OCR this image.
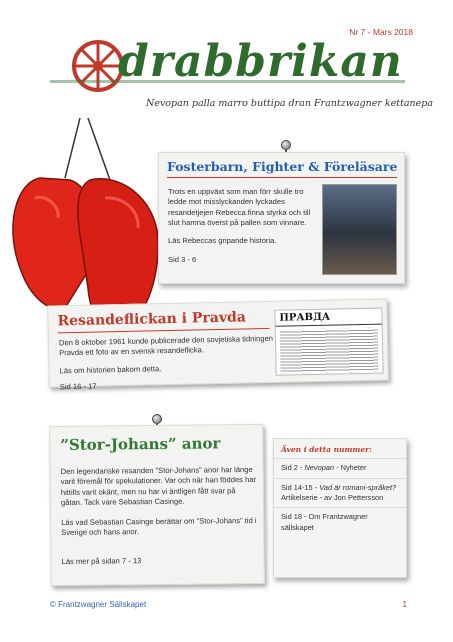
Nr 7 - Mars 2018
drabbrikan
Nevopan palla marro buttipa dran Frantzwagner kettanepa
Fosterbarn, Fighter & Föreläsare

Trots en uppväxt som man förr skulle tro ledde mot misslyckanden lyckades resandetjejen Rebecca finna styrka och till slut hamna överst på pallen som vinnare.

Läs Rebeccas gripande historia.

Sid 3 - 6

Resandeflickan i Pravda

Den 8 oktober 1961 kunde publicerade den sovjetiska tidningen Pravda ett foto av en svensk resandeflicka.

Läs om historien bakom detta.

Sid 16 - 17

ПРАВДА
”Stor-Johans” anor

Den legendariske resanden ”Stor-Johans” anor har länge varit föremål för spekulationer. Var och när han föddes har hittills varit okänt, men nu har vi äntligen fått svar på gåtan. Tack vare Sebastian Casinge.

Läs vad Sebastian Casinge berättar om ”Stor-Johans” tid i Sverige och hans anor.

Läs mer på sidan 7 - 13

Även i detta nummer:
Sid 2 - Nevopan - Nyheter
Sid 14-15 - Vad är romani-språket? Artikelserie - av Jon Pettersson
Sid 18 - Om Frantzwagner sällskapet
© Frantzwagner Sällskapet	1
